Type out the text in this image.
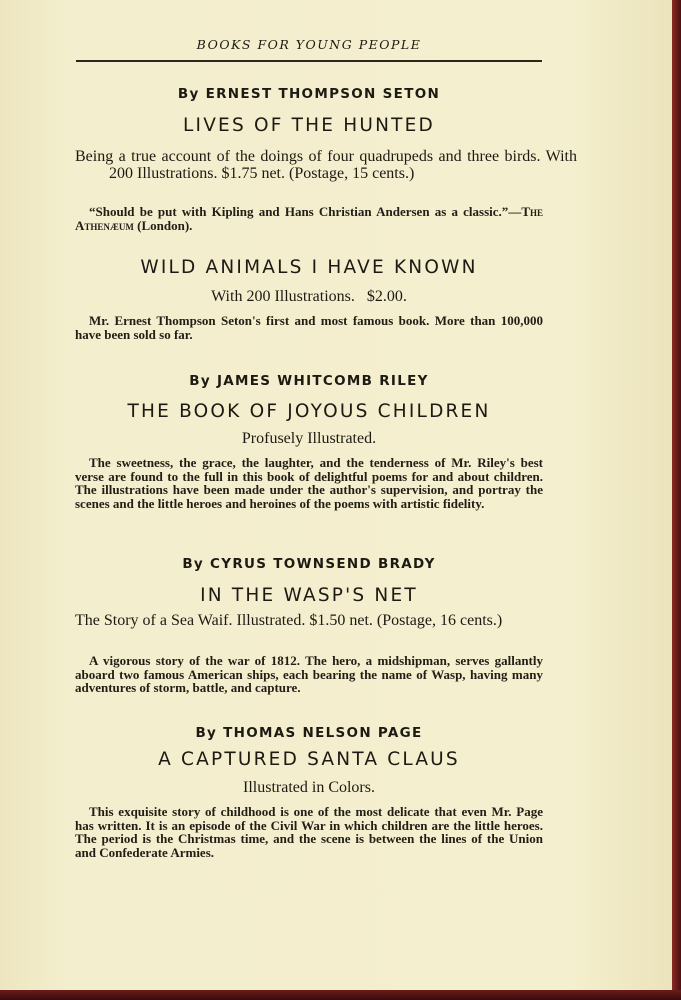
BOOKS FOR YOUNG PEOPLE
By ERNEST THOMPSON SETON
LIVES OF THE HUNTED
Being a true account of the doings of four quadrupeds and three birds. With 200 Illustrations. $1.75 net. (Postage, 15 cents.)
“Should be put with Kipling and Hans Christian Andersen as a classic.”—The Athenæum (London).
WILD ANIMALS I HAVE KNOWN
With 200 Illustrations.   $2.00.
Mr. Ernest Thompson Seton's first and most famous book. More than 100,000 have been sold so far.
By JAMES WHITCOMB RILEY
THE BOOK OF JOYOUS CHILDREN
Profusely Illustrated.
The sweetness, the grace, the laughter, and the tenderness of Mr. Riley's best verse are found to the full in this book of delightful poems for and about children. The illustrations have been made under the author's supervision, and portray the scenes and the little heroes and heroines of the poems with artistic fidelity.
By CYRUS TOWNSEND BRADY
IN THE WASP'S NET
The Story of a Sea Waif. Illustrated. $1.50 net. (Postage, 16 cents.)
A vigorous story of the war of 1812. The hero, a midshipman, serves gallantly aboard two famous American ships, each bearing the name of Wasp, having many adventures of storm, battle, and capture.
By THOMAS NELSON PAGE
A CAPTURED SANTA CLAUS
Illustrated in Colors.
This exquisite story of childhood is one of the most delicate that even Mr. Page has written. It is an episode of the Civil War in which children are the little heroes. The period is the Christmas time, and the scene is between the lines of the Union and Confederate Armies.
